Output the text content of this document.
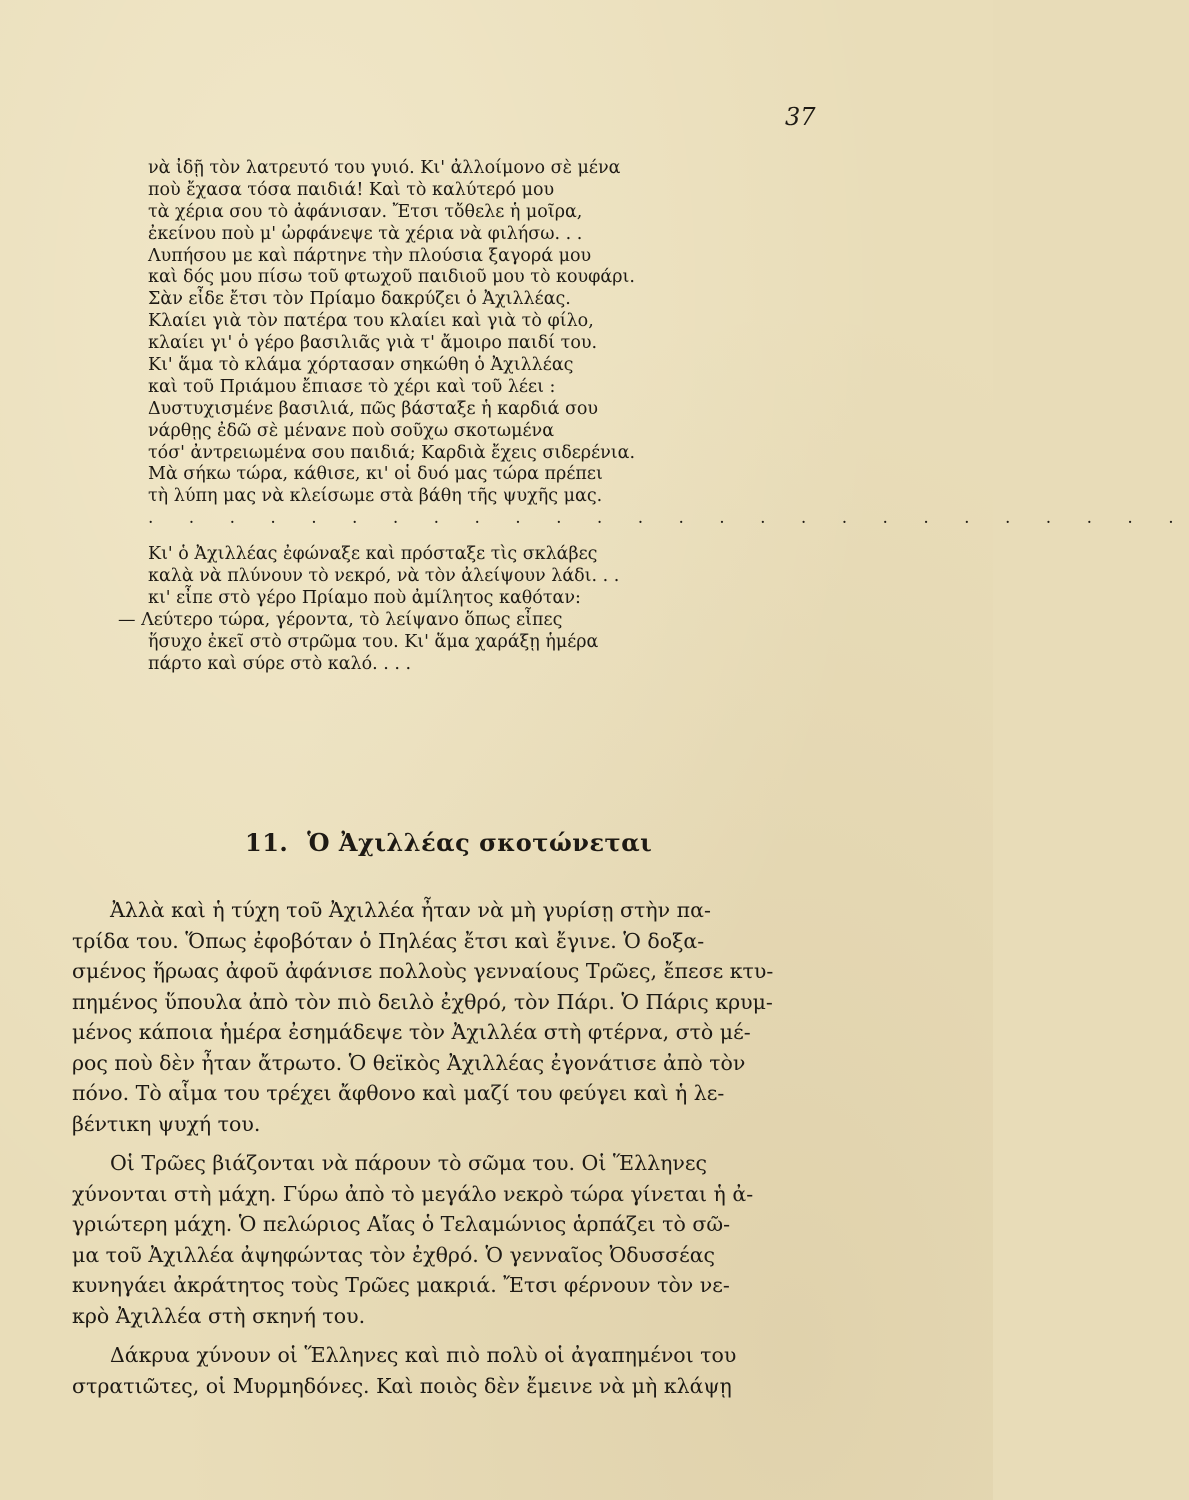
37
νὰ ἰδῇ τὸν λατρευτό του γυιό. Κι' ἀλλοίμονο σὲ μένα
ποὺ ἔχασα τόσα παιδιά! Καὶ τὸ καλύτερό μου
τὰ χέρια σου τὸ ἀφάνισαν. Ἔτσι τὄθελε ἡ μοῖρα,
ἐκείνου ποὺ μ' ὠρφάνεψε τὰ χέρια νὰ φιλήσω. . .
Λυπήσου με καὶ πάρτηνε τὴν πλούσια ξαγορά μου
καὶ δός μου πίσω τοῦ φτωχοῦ παιδιοῦ μου τὸ κουφάρι.
Σὰν εἶδε ἔτσι τὸν Πρίαμο δακρύζει ὁ Ἀχιλλέας.
Κλαίει γιὰ τὸν πατέρα του κλαίει καὶ γιὰ τὸ φίλο,
κλαίει γι' ὁ γέρο βασιλιᾶς γιὰ τ' ἄμοιρο παιδί του.
Κι' ἅμα τὸ κλάμα χόρτασαν σηκώθη ὁ Ἀχιλλέας
καὶ τοῦ Πριάμου ἔπιασε τὸ χέρι καὶ τοῦ λέει :
Δυστυχισμένε βασιλιά, πῶς βάσταξε ἡ καρδιά σου
νάρθῃς ἐδῶ σὲ μένανε ποὺ σοῦχω σκοτωμένα
τόσ' ἀντρειωμένα σου παιδιά; Καρδιὰ ἔχεις σιδερένια.
Μὰ σήκω τώρα, κάθισε, κι' οἱ δυό μας τώρα πρέπει
τὴ λύπη μας νὰ κλείσωμε στὰ βάθη τῆς ψυχῆς μας.
. . . . . . . . . . . . . . . . . . . . . . . . . .
Κι' ὁ Ἀχιλλέας ἐφώναξε καὶ πρόσταξε τὶς σκλάβες
καλὰ νὰ πλύνουν τὸ νεκρό, νὰ τὸν ἀλείψουν λάδι. . .
κι' εἶπε στὸ γέρο Πρίαμο ποὺ ἀμίλητος καθόταν:
— Λεύτερο τώρα, γέροντα, τὸ λείψανο ὅπως εἶπες
ἥσυχο ἐκεῖ στὸ στρῶμα του. Κι' ἅμα χαράξῃ ἡμέρα
πάρτο καὶ σύρε στὸ καλό. . . .
11. Ὁ Ἀχιλλέας σκοτώνεται
Ἀλλὰ καὶ ἡ τύχη τοῦ Ἀχιλλέα ἦταν νὰ μὴ γυρίσῃ στὴν πα-
τρίδα του. Ὅπως ἐφοβόταν ὁ Πηλέας ἔτσι καὶ ἔγινε. Ὁ δοξα-
σμένος ἥρωας ἀφοῦ ἀφάνισε πολλοὺς γενναίους Τρῶες, ἔπεσε κτυ-
πημένος ὕπουλα ἀπὸ τὸν πιὸ δειλὸ ἐχθρό, τὸν Πάρι. Ὁ Πάρις κρυμ-
μένος κάποια ἡμέρα ἐσημάδεψε τὸν Ἀχιλλέα στὴ φτέρνα, στὸ μέ-
ρος ποὺ δὲν ἦταν ἄτρωτο. Ὁ θεϊκὸς Ἀχιλλέας ἐγονάτισε ἀπὸ τὸν
πόνο. Τὸ αἷμα του τρέχει ἄφθονο καὶ μαζί του φεύγει καὶ ἡ λε-
βέντικη ψυχή του.
Οἱ Τρῶες βιάζονται νὰ πάρουν τὸ σῶμα του. Οἱ Ἕλληνες
χύνονται στὴ μάχη. Γύρω ἀπὸ τὸ μεγάλο νεκρὸ τώρα γίνεται ἡ ἀ-
γριώτερη μάχη. Ὁ πελώριος Αἴας ὁ Τελαμώνιος ἁρπάζει τὸ σῶ-
μα τοῦ Ἀχιλλέα ἀψηφώντας τὸν ἐχθρό. Ὁ γενναῖος Ὀδυσσέας
κυνηγάει ἀκράτητος τοὺς Τρῶες μακριά. Ἔτσι φέρνουν τὸν νε-
κρὸ Ἀχιλλέα στὴ σκηνή του.
Δάκρυα χύνουν οἱ Ἕλληνες καὶ πιὸ πολὺ οἱ ἀγαπημένοι του
στρατιῶτες, οἱ Μυρμηδόνες. Καὶ ποιὸς δὲν ἔμεινε νὰ μὴ κλάψῃ
